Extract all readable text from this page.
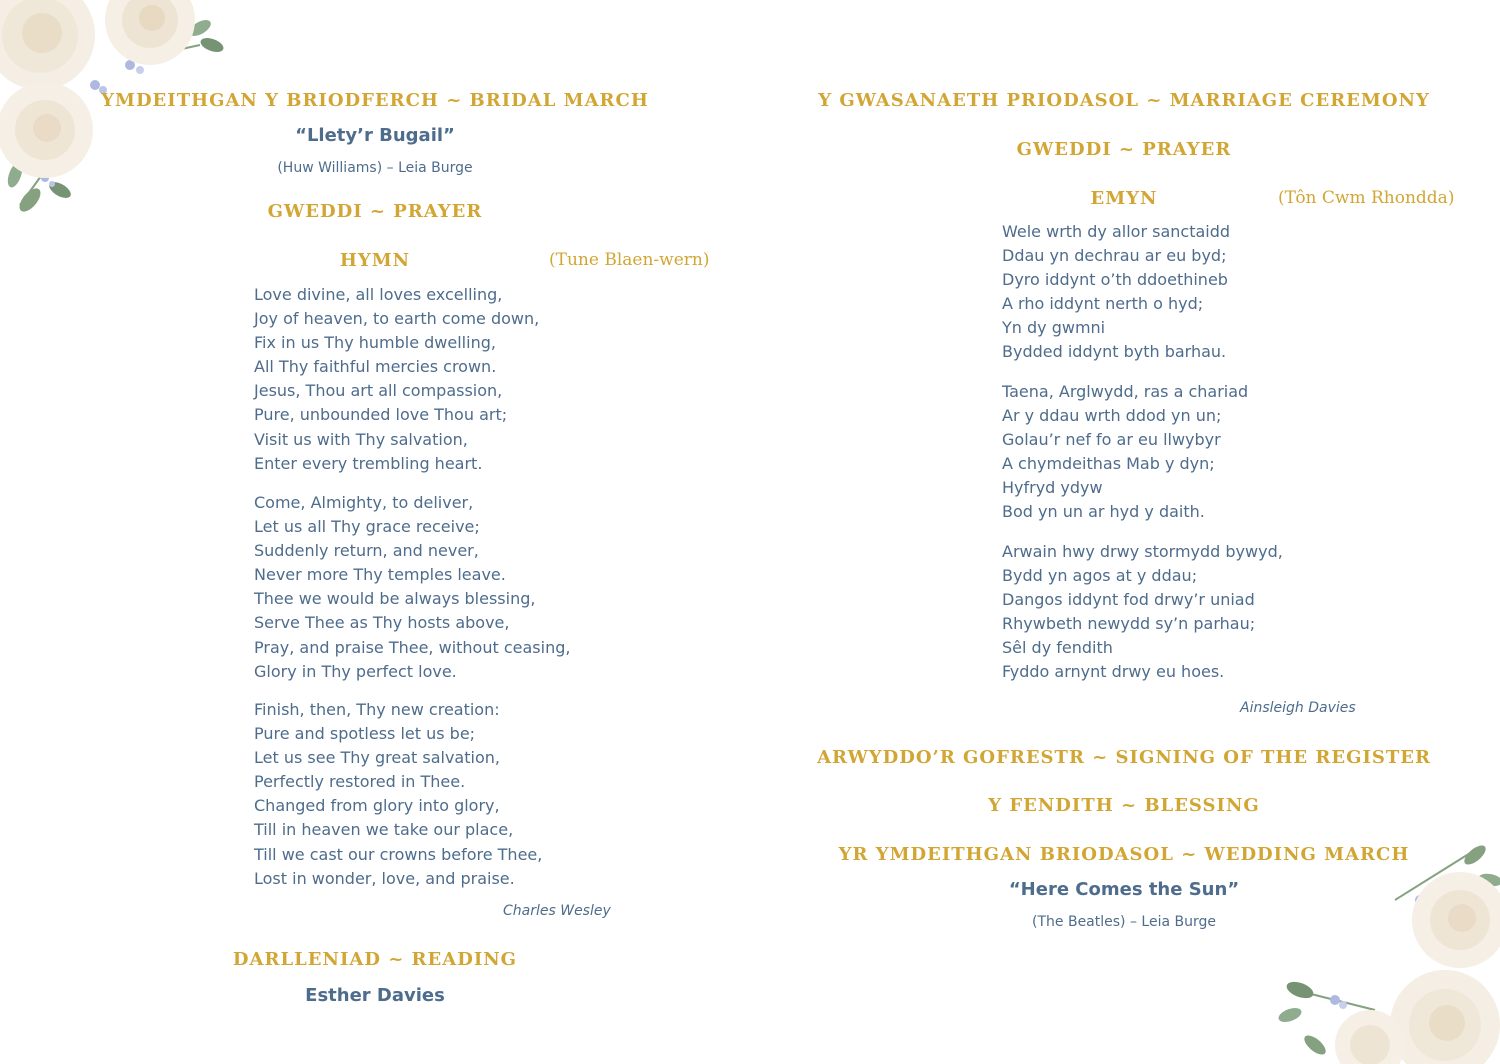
YMDEITHGAN Y BRIODFERCH ~ BRIDAL MARCH
“Llety’r Bugail”
(Huw Williams) – Leia Burge
GWEDDI ~ PRAYER
HYMN	(Tune Blaen-wern)
Love divine, all loves excelling,
Joy of heaven, to earth come down,
Fix in us Thy humble dwelling,
All Thy faithful mercies crown.
Jesus, Thou art all compassion,
Pure, unbounded love Thou art;
Visit us with Thy salvation,
Enter every trembling heart.
Come, Almighty, to deliver,
Let us all Thy grace receive;
Suddenly return, and never,
Never more Thy temples leave.
Thee we would be always blessing,
Serve Thee as Thy hosts above,
Pray, and praise Thee, without ceasing,
Glory in Thy perfect love.
Finish, then, Thy new creation:
Pure and spotless let us be;
Let us see Thy great salvation,
Perfectly restored in Thee.
Changed from glory into glory,
Till in heaven we take our place,
Till we cast our crowns before Thee,
Lost in wonder, love, and praise.
Charles Wesley
DARLLENIAD ~ READING
Esther Davies
Y GWASANAETH PRIODASOL ~ MARRIAGE CEREMONY
GWEDDI ~ PRAYER
EMYN	(Tôn Cwm Rhondda)
Wele wrth dy allor sanctaidd
Ddau yn dechrau ar eu byd;
Dyro iddynt o’th ddoethineb
A rho iddynt nerth o hyd;
Yn dy gwmni
Bydded iddynt byth barhau.
Taena, Arglwydd, ras a chariad
Ar y ddau wrth ddod yn un;
Golau’r nef fo ar eu llwybyr
A chymdeithas Mab y dyn;
Hyfryd ydyw
Bod yn un ar hyd y daith.
Arwain hwy drwy stormydd bywyd,
Bydd yn agos at y ddau;
Dangos iddynt fod drwy’r uniad
Rhywbeth newydd sy’n parhau;
Sêl dy fendith
Fyddo arnynt drwy eu hoes.
Ainsleigh Davies
ARWYDDO’R GOFRESTR ~ SIGNING OF THE REGISTER
Y FENDITH ~ BLESSING
YR YMDEITHGAN BRIODASOL ~ WEDDING MARCH
“Here Comes the Sun”
(The Beatles) – Leia Burge
